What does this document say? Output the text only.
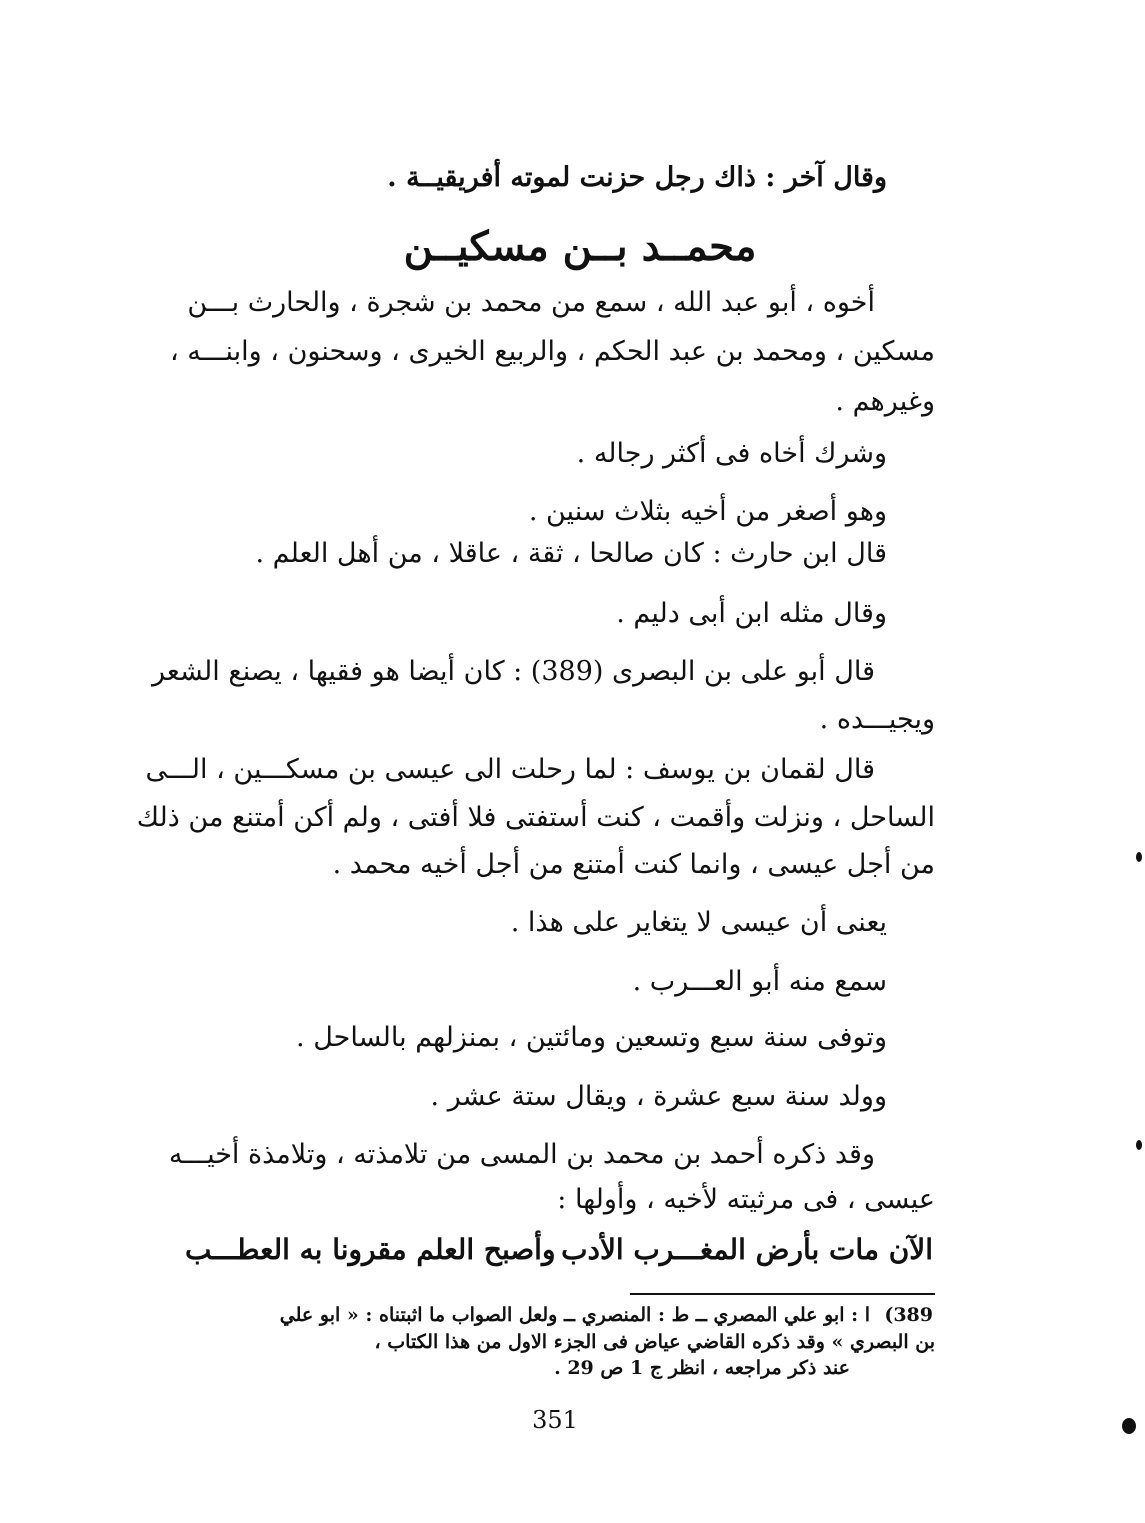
وقال آخر : ذاك رجل حزنت لموته أفريقيــة .
محمــد بــن مسكيــن
أخوه ، أبو عبد الله ، سمع من محمد بن شجرة ، والحارث بـــن
مسكين ، ومحمد بن عبد الحكم ، والربيع الخيرى ، وسحنون ، وابنـــه ،
وغيرهم .
وشرك أخاه فى أكثر رجاله .
وهو أصغر من أخيه بثلاث سنين .
قال ابن حارث : كان صالحا ، ثقة ، عاقلا ، من أهل العلم .
وقال مثله ابن أبى دليم .
قال أبو على بن البصرى (389) : كان أيضا هو فقيها ، يصنع الشعر
ويجيـــده .
قال لقمان بن يوسف : لما رحلت الى عيسى بن مسكـــين ، الـــى
الساحل ، ونزلت وأقمت ، كنت أستفتى فلا أفتى ، ولم أكن أمتنع من ذلك
من أجل عيسى ، وانما كنت أمتنع من أجل أخيه محمد .
يعنى أن عيسى لا يتغاير على هذا .
سمع منه أبو العـــرب .
وتوفى سنة سبع وتسعين ومائتين ، بمنزلهم بالساحل .
وولد سنة سبع عشرة ، ويقال ستة عشر .
وقد ذكره أحمد بن محمد بن المسى من تلامذته ، وتلامذة أخيـــه
عيسى ، فى مرثيته لأخيه ، وأولها :
الآن مات بأرض المغـــرب الأدب
وأصبح العلم مقرونا به العطـــب
389)
ا : ابو علي المصري ــ ط : المنصري ــ ولعل الصواب ما اثبتناه : « ابو علي
بن البصري » وقد ذكره القاضي عياض فى الجزء الاول من هذا الكتاب ،
عند ذكر مراجعه ، انظر ج 1 ص 29 .
351
